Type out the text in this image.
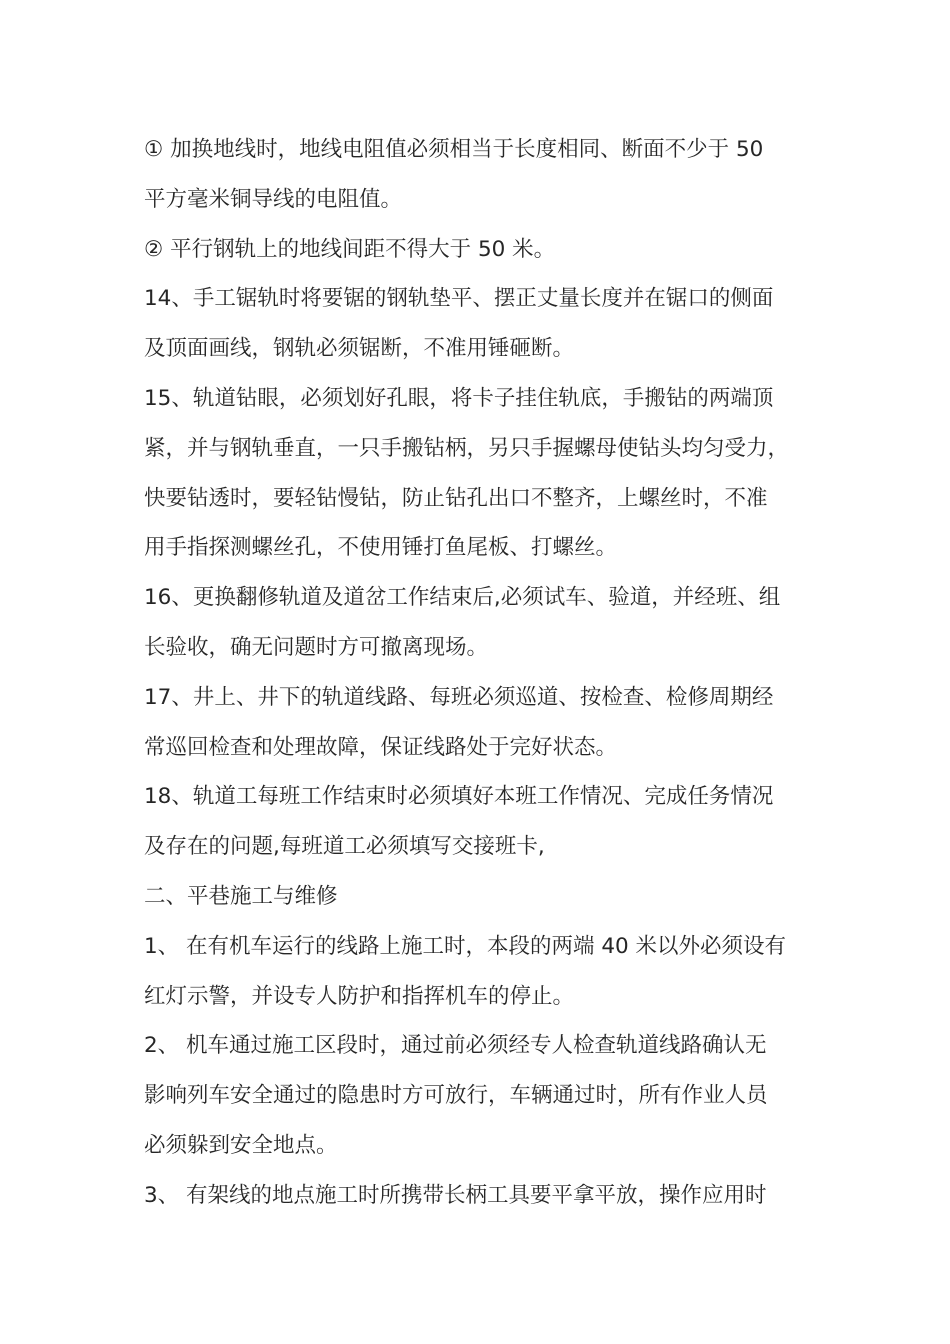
① 加换地线时，地线电阻值必须相当于长度相同、断面不少于 50
平方毫米铜导线的电阻值。
② 平行钢轨上的地线间距不得大于 50 米。
14、手工锯轨时将要锯的钢轨垫平、摆正丈量长度并在锯口的侧面
及顶面画线，钢轨必须锯断，不准用锤砸断。
15、轨道钻眼，必须划好孔眼，将卡子挂住轨底，手搬钻的两端顶
紧，并与钢轨垂直，一只手搬钻柄，另只手握螺母使钻头均匀受力，
快要钻透时，要轻钻慢钻，防止钻孔出口不整齐，上螺丝时，不准
用手指探测螺丝孔，不使用锤打鱼尾板、打螺丝。
16、更换翻修轨道及道岔工作结束后,必须试车、验道，并经班、组
长验收，确无问题时方可撤离现场。
17、井上、井下的轨道线路、每班必须巡道、按检查、检修周期经
常巡回检查和处理故障，保证线路处于完好状态。
18、轨道工每班工作结束时必须填好本班工作情况、完成任务情况
及存在的问题,每班道工必须填写交接班卡,
二、平巷施工与维修
1、 在有机车运行的线路上施工时，本段的两端 40 米以外必须设有
红灯示警，并设专人防护和指挥机车的停止。
2、 机车通过施工区段时，通过前必须经专人检查轨道线路确认无
影响列车安全通过的隐患时方可放行，车辆通过时，所有作业人员
必须躲到安全地点。
3、 有架线的地点施工时所携带长柄工具要平拿平放，操作应用时
